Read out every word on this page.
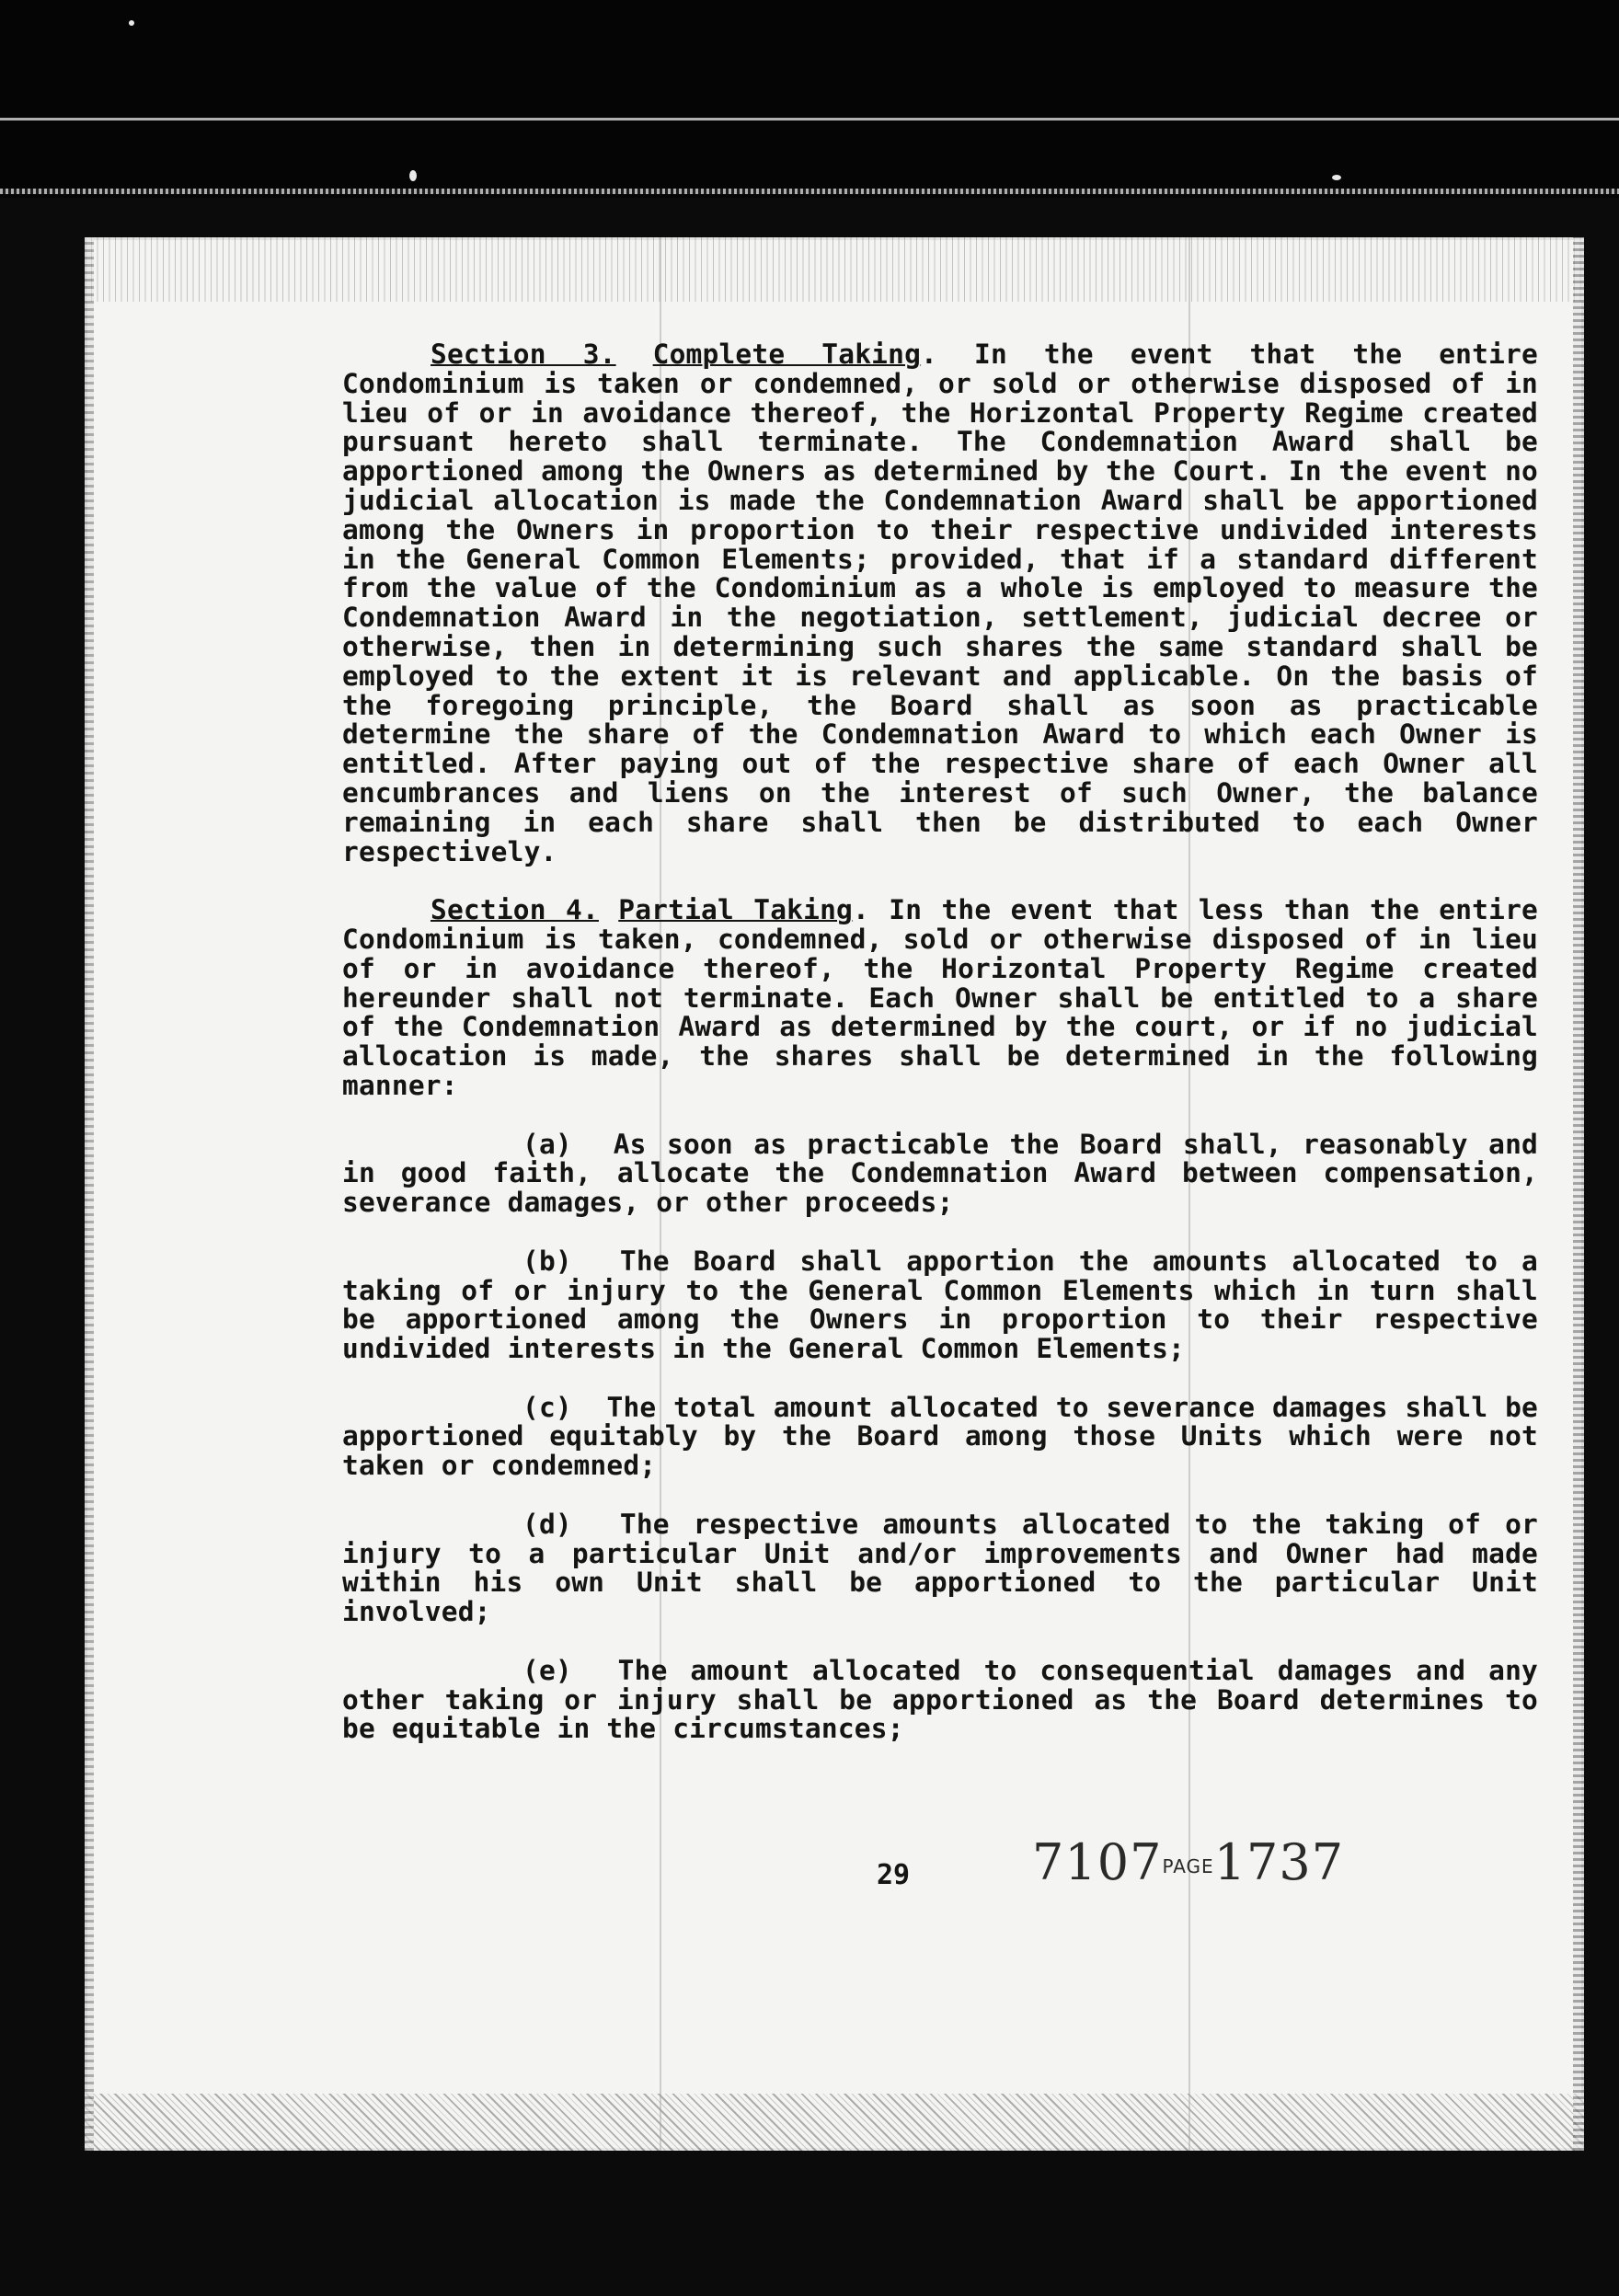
Section 3. Complete Taking. In the event that the entire Condominium is taken or condemned, or sold or otherwise disposed of in lieu of or in avoidance thereof, the Horizontal Property Regime created pursuant hereto shall terminate. The Condemnation Award shall be apportioned among the Owners as determined by the Court. In the event no judicial allocation is made the Condemnation Award shall be apportioned among the Owners in proportion to their respective undivided interests in the General Common Elements; provided, that if a standard different from the value of the Condominium as a whole is employed to measure the Condemnation Award in the negotiation, settlement, judicial decree or otherwise, then in determining such shares the same standard shall be employed to the extent it is relevant and applicable. On the basis of the foregoing principle, the Board shall as soon as practicable determine the share of the Condemnation Award to which each Owner is entitled. After paying out of the respective share of each Owner all encumbrances and liens on the interest of such Owner, the balance remaining in each share shall then be distributed to each Owner respectively.

Section 4. Partial Taking. In the event that less than the entire Condominium is taken, condemned, sold or otherwise disposed of in lieu of or in avoidance thereof, the Horizontal Property Regime created hereunder shall not terminate. Each Owner shall be entitled to a share of the Condemnation Award as determined by the court, or if no judicial allocation is made, the shares shall be determined in the following manner:

(a) As soon as practicable the Board shall, reasonably and in good faith, allocate the Condemnation Award between compensation, severance damages, or other proceeds;

(b) The Board shall apportion the amounts allocated to a taking of or injury to the General Common Elements which in turn shall be apportioned among the Owners in proportion to their respective undivided interests in the General Common Elements;

(c) The total amount allocated to severance damages shall be apportioned equitably by the Board among those Units which were not taken or condemned;

(d) The respective amounts allocated to the taking of or injury to a particular Unit and/or improvements and Owner had made within his own Unit shall be apportioned to the particular Unit involved;

(e) The amount allocated to consequential damages and any other taking or injury shall be apportioned as the Board determines to be equitable in the circumstances;

29 7107PAGE1737
